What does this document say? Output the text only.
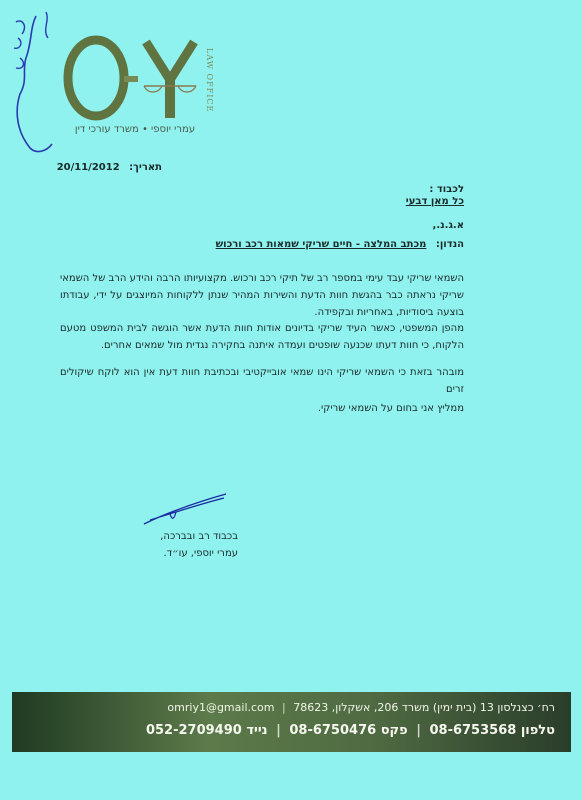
LAW OFFICE
עמרי יוספי • משרד עורכי דין
תאריך: 20/11/2012
לכבוד :
כל מאן דבעי
א.ג.נ.,
הנדון: מכתב המלצה - חיים שריקי שמאות רכב ורכוש
השמאי שריקי עבד עימי במספר רב של תיקי רכב ורכוש. מקצועיותו הרבה והידע הרב של השמאי שריקי נראתה כבר בהגשת חוות הדעת והשירות המהיר שנתן ללקוחות המיוצגים על ידי, עבודתו בוצעה ביסודיות, באחריות ובקפידה.
מהפן המשפטי, כאשר העיד שריקי בדיונים אודות חוות הדעת אשר הוגשה לבית המשפט מטעם הלקוח, כי חוות דעתו שכנעה שופטים ועמדה איתנה בחקירה נגדית מול שמאים אחרים.
מובהר בזאת כי השמאי שריקי הינו שמאי אובייקטיבי ובכתיבת חוות דעת אין הוא לוקח שיקולים זרים
ממליץ אני בחום על השמאי שריקי.
בכבוד רב ובברכה,
עמרי יוספי, עו״ד.
רח׳ כצנלסון 13 (בית ימין) משרד 206, אשקלון, 78623 | omriy1@gmail.com
טלפון 08-6753568 | פקס 08-6750476 | נייד 052-2709490
